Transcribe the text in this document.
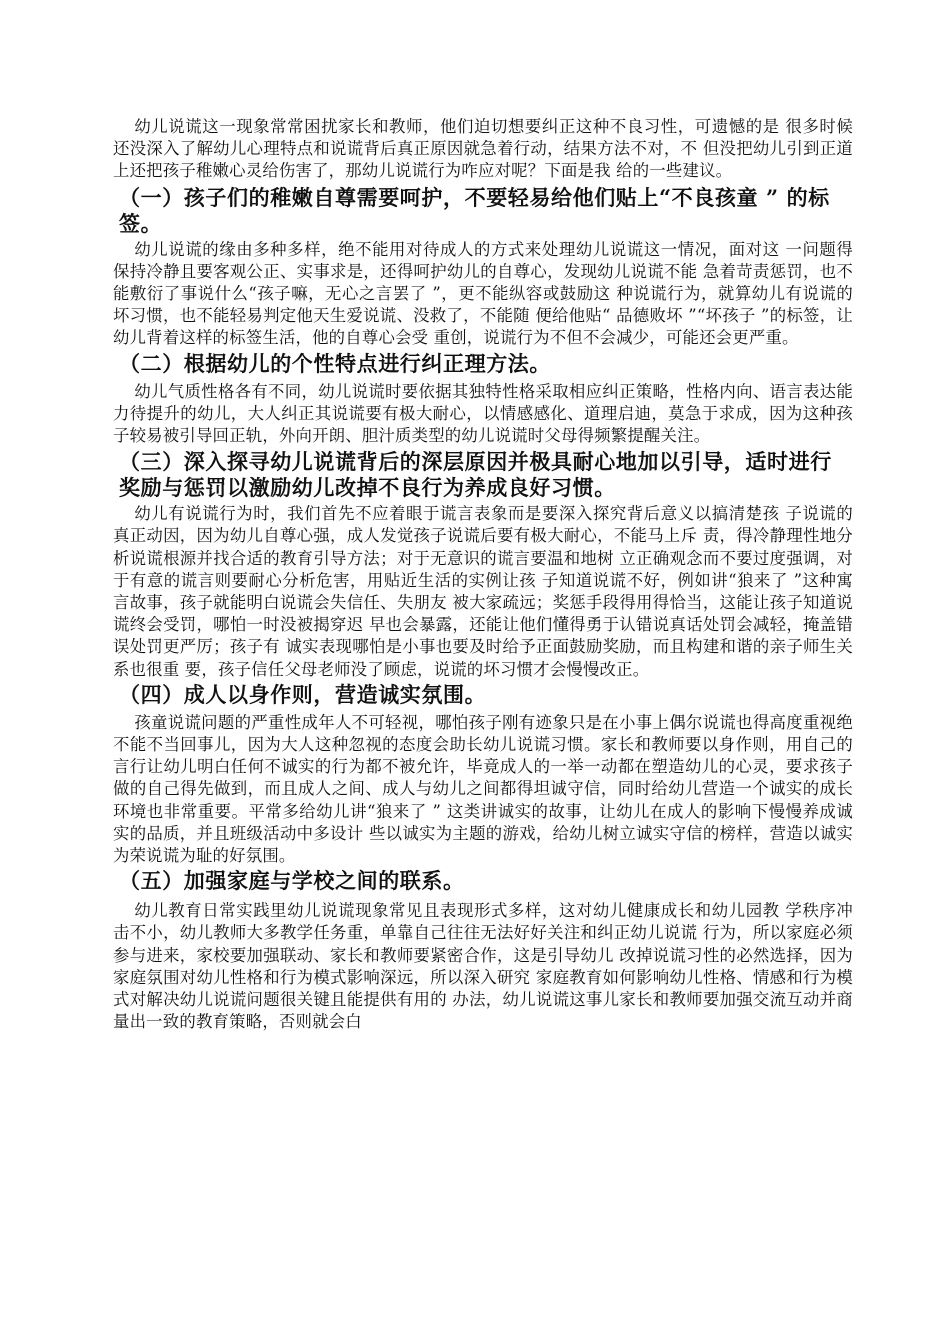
幼儿说谎这一现象常常困扰家长和教师，他们迫切想要纠正这种不良习性，可遗憾的是 很多时候还没深入了解幼儿心理特点和说谎背后真正原因就急着行动，结果方法不对，不 但没把幼儿引到正道上还把孩子稚嫩心灵给伤害了，那幼儿说谎行为咋应对呢？下面是我 给的一些建议。

（一）孩子们的稚嫩自尊需要呵护，不要轻易给他们贴上“不良孩童 ” 的标签。

幼儿说谎的缘由多种多样，绝不能用对待成人的方式来处理幼儿说谎这一情况，面对这 一问题得保持冷静且要客观公正、实事求是，还得呵护幼儿的自尊心，发现幼儿说谎不能 急着苛责惩罚，也不能敷衍了事说什么“孩子嘛，无心之言罢了 ”，更不能纵容或鼓励这 种说谎行为，就算幼儿有说谎的坏习惯，也不能轻易判定他天生爱说谎、没救了，不能随 便给他贴“ 品德败坏 ”“坏孩子 ”的标签，让幼儿背着这样的标签生活，他的自尊心会受 重创，说谎行为不但不会减少，可能还会更严重。

（二）根据幼儿的个性特点进行纠正理方法。

幼儿气质性格各有不同，幼儿说谎时要依据其独特性格采取相应纠正策略，性格内向、语言表达能力待提升的幼儿，大人纠正其说谎要有极大耐心，以情感感化、道理启迪，莫急于求成，因为这种孩子较易被引导回正轨，外向开朗、胆汁质类型的幼儿说谎时父母得频繁提醒关注。

（三）深入探寻幼儿说谎背后的深层原因并极具耐心地加以引导，适时进行奖励与惩罚以激励幼儿改掉不良行为养成良好习惯。

幼儿有说谎行为时，我们首先不应着眼于谎言表象而是要深入探究背后意义以搞清楚孩 子说谎的真正动因，因为幼儿自尊心强，成人发觉孩子说谎后要有极大耐心，不能马上斥 责，得冷静理性地分析说谎根源并找合适的教育引导方法；对于无意识的谎言要温和地树 立正确观念而不要过度强调，对于有意的谎言则要耐心分析危害，用贴近生活的实例让孩 子知道说谎不好，例如讲“狼来了 ”这种寓言故事，孩子就能明白说谎会失信任、失朋友 被大家疏远；奖惩手段得用得恰当，这能让孩子知道说谎终会受罚，哪怕一时没被揭穿迟 早也会暴露，还能让他们懂得勇于认错说真话处罚会减轻，掩盖错误处罚更严厉；孩子有 诚实表现哪怕是小事也要及时给予正面鼓励奖励，而且构建和谐的亲子师生关系也很重 要，孩子信任父母老师没了顾虑，说谎的坏习惯才会慢慢改正。

（四）成人以身作则，营造诚实氛围。

孩童说谎问题的严重性成年人不可轻视，哪怕孩子刚有迹象只是在小事上偶尔说谎也得高度重视绝不能不当回事儿，因为大人这种忽视的态度会助长幼儿说谎习惯。家长和教师要以身作则，用自己的言行让幼儿明白任何不诚实的行为都不被允许，毕竟成人的一举一动都在塑造幼儿的心灵，要求孩子做的自己得先做到，而且成人之间、成人与幼儿之间都得坦诚守信，同时给幼儿营造一个诚实的成长环境也非常重要。平常多给幼儿讲“狼来了 ” 这类讲诚实的故事，让幼儿在成人的影响下慢慢养成诚实的品质，并且班级活动中多设计 些以诚实为主题的游戏，给幼儿树立诚实守信的榜样，营造以诚实为荣说谎为耻的好氛围。

（五）加强家庭与学校之间的联系。

幼儿教育日常实践里幼儿说谎现象常见且表现形式多样，这对幼儿健康成长和幼儿园教 学秩序冲击不小，幼儿教师大多教学任务重，单靠自己往往无法好好关注和纠正幼儿说谎 行为，所以家庭必须参与进来，家校要加强联动、家长和教师要紧密合作，这是引导幼儿 改掉说谎习性的必然选择，因为家庭氛围对幼儿性格和行为模式影响深远，所以深入研究 家庭教育如何影响幼儿性格、情感和行为模式对解决幼儿说谎问题很关键且能提供有用的 办法，幼儿说谎这事儿家长和教师要加强交流互动并商量出一致的教育策略，否则就会白
